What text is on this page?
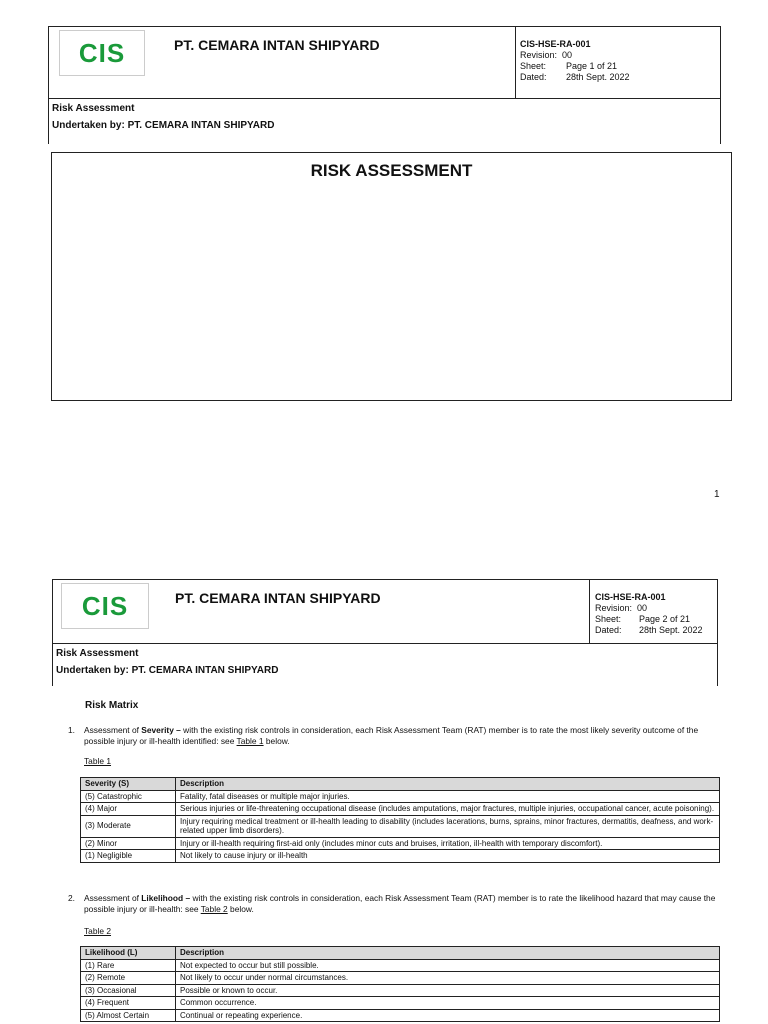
CIS	PT. CEMARA INTAN SHIPYARD	CIS-HSE-RA-001
Revision: 00
Sheet:	Page 1 of 21
Dated:	28th Sept. 2022
Risk Assessment
Undertaken by: PT. CEMARA INTAN SHIPYARD
RISK ASSESSMENT
1
CIS	PT. CEMARA INTAN SHIPYARD	CIS-HSE-RA-001
Revision: 00
Sheet:	Page 2 of 21
Dated:	28th Sept. 2022
Risk Assessment
Undertaken by: PT. CEMARA INTAN SHIPYARD
Risk Matrix
1. Assessment of Severity – with the existing risk controls in consideration, each Risk Assessment Team (RAT) member is to rate the most likely severity outcome of the possible injury or ill-health identified: see Table 1 below.
Table 1
Severity (S)	Description
(5) Catastrophic	Fatality, fatal diseases or multiple major injuries.
(4) Major	Serious injuries or life-threatening occupational disease (includes amputations, major fractures, multiple injuries, occupational cancer, acute poisoning).
(3) Moderate	Injury requiring medical treatment or ill-health leading to disability (includes lacerations, burns, sprains, minor fractures, dermatitis, deafness, and work-related upper limb disorders).
(2) Minor	Injury or ill-health requiring first-aid only (includes minor cuts and bruises, irritation, ill-health with temporary discomfort).
(1) Negligible	Not likely to cause injury or ill-health
2. Assessment of Likelihood – with the existing risk controls in consideration, each Risk Assessment Team (RAT) member is to rate the likelihood hazard that may cause the possible injury or ill-health: see Table 2 below.
Table 2
Likelihood (L)	Description
(1) Rare	Not expected to occur but still possible.
(2) Remote	Not likely to occur under normal circumstances.
(3) Occasional	Possible or known to occur.
(4) Frequent	Common occurrence.
(5) Almost Certain	Continual or repeating experience.
